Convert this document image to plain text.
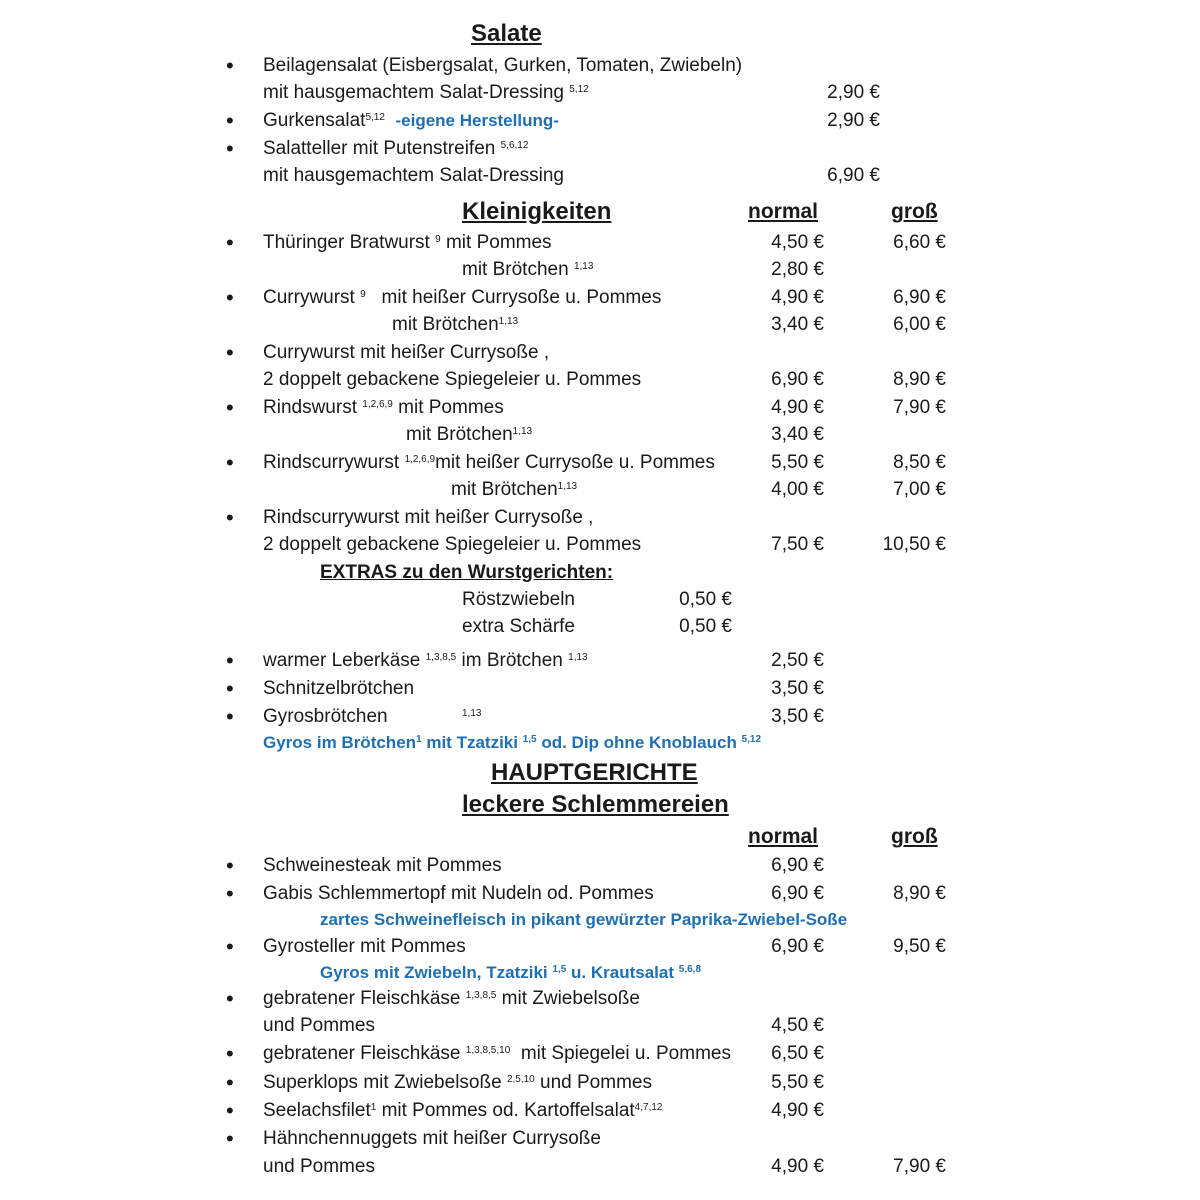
Salate
• Beilagensalat (Eisbergsalat, Gurken, Tomaten, Zwiebeln)
mit hausgemachtem Salat-Dressing $^{5,12}$	2,90 €
• Gurkensalat$^{5,12}$ -eigene Herstellung-	2,90 €
• Salatteller mit Putenstreifen $^{5,6,12}$
mit hausgemachtem Salat-Dressing	6,90 €
Kleinigkeiten	normal	groß
• Thüringer Bratwurst $^9$ mit Pommes	4,50 €	6,60 €
mit Brötchen $^{1,13}$	2,80 €
• Currywurst $^9$ mit heißer Currysoße u. Pommes	4,90 €	6,90 €
mit Brötchen$^{1,13}$	3,40 €	6,00 €
• Currywurst mit heißer Currysoße ,
2 doppelt gebackene Spiegeleier u. Pommes	6,90 €	8,90 €
• Rindswurst $^{1,2,6,9}$ mit Pommes	4,90 €	7,90 €
mit Brötchen$^{1,13}$	3,40 €
• Rindscurrywurst $^{1,2,6,9}$mit heißer Currysoße u. Pommes	5,50 €	8,50 €
mit Brötchen$^{1,13}$	4,00 €	7,00 €
• Rindscurrywurst mit heißer Currysoße ,
2 doppelt gebackene Spiegeleier u. Pommes	7,50 €	10,50 €
EXTRAS zu den Wurstgerichten:
Röstzwiebeln	0,50 €
extra Schärfe	0,50 €
• warmer Leberkäse $^{1,3,8,5}$ im Brötchen $^{1,13}$	2,50 €
• Schnitzelbrötchen	3,50 €
• Gyrosbrötchen	$^{1,13}$	3,50 €
Gyros im Brötchen$^1$ mit Tzatziki $^{1,5}$ od. Dip ohne Knoblauch $^{5,12}$
HAUPTGERICHTE
leckere Schlemmereien
normal	groß
• Schweinesteak mit Pommes	6,90 €
• Gabis Schlemmertopf mit Nudeln od. Pommes	6,90 €	8,90 €
zartes Schweinefleisch in pikant gewürzter Paprika-Zwiebel-Soße
• Gyrosteller mit Pommes	6,90 €	9,50 €
Gyros mit Zwiebeln, Tzatziki $^{1,5}$ u. Krautsalat $^{5,6,8}$
• gebratener Fleischkäse $^{1,3,8,5}$ mit Zwiebelsoße
und Pommes	4,50 €
• gebratener Fleischkäse $^{1,3,8,5,10}$ mit Spiegelei u. Pommes	6,50 €
• Superklops mit Zwiebelsoße $^{2,5,10}$ und Pommes	5,50 €
• Seelachsfilet$^1$ mit Pommes od. Kartoffelsalat$^{4,7,12}$	4,90 €
• Hähnchennuggets mit heißer Currysoße
und Pommes	4,90 €	7,90 €
